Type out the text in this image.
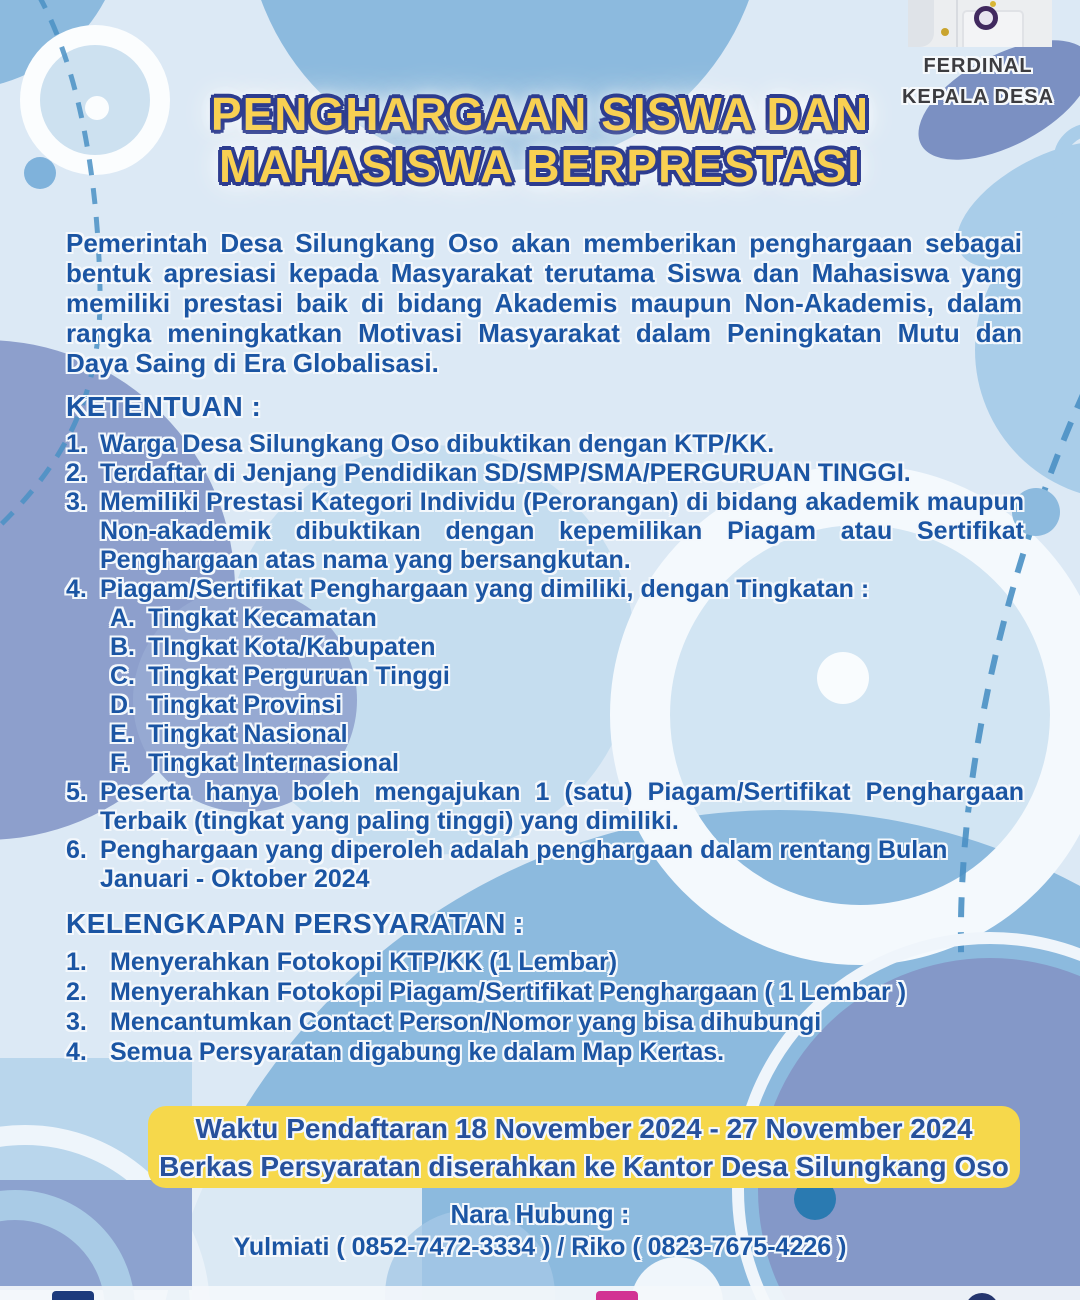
FERDINAL
KEPALA DESA
PENGHARGAAN SISWA DAN
MAHASISWA BERPRESTASI

Pemerintah Desa Silungkang Oso akan memberikan penghargaan sebagai bentuk apresiasi kepada Masyarakat terutama Siswa dan Mahasiswa yang memiliki prestasi baik di bidang Akademis maupun Non-Akademis, dalam rangka meningkatkan Motivasi Masyarakat dalam Peningkatan Mutu dan Daya Saing di Era Globalisasi.

KETENTUAN :
1. Warga Desa Silungkang Oso dibuktikan dengan KTP/KK.
2. Terdaftar di Jenjang Pendidikan SD/SMP/SMA/PERGURUAN TINGGI.
3. Memiliki Prestasi Kategori Individu (Perorangan) di bidang akademik maupun Non-akademik dibuktikan dengan kepemilikan Piagam atau Sertifikat Penghargaan atas nama yang bersangkutan.
4. Piagam/Sertifikat Penghargaan yang dimiliki, dengan Tingkatan :
A. Tingkat Kecamatan
B. TIngkat Kota/Kabupaten
C. Tingkat Perguruan Tinggi
D. Tingkat Provinsi
E. Tingkat Nasional
F. Tingkat Internasional
5. Peserta hanya boleh mengajukan 1 (satu) Piagam/Sertifikat Penghargaan Terbaik (tingkat yang paling tinggi) yang dimiliki.
6. Penghargaan yang diperoleh adalah penghargaan dalam rentang Bulan Januari - Oktober 2024
KELENGKAPAN PERSYARATAN :
1. Menyerahkan Fotokopi KTP/KK (1 Lembar)
2. Menyerahkan Fotokopi Piagam/Sertifikat Penghargaan ( 1 Lembar )
3. Mencantumkan Contact Person/Nomor yang bisa dihubungi
4. Semua Persyaratan digabung ke dalam Map Kertas.
Waktu Pendaftaran 18 November 2024 - 27 November 2024
Berkas Persyaratan diserahkan ke Kantor Desa Silungkang Oso
Nara Hubung :
Yulmiati ( 0852-7472-3334 ) / Riko ( 0823-7675-4226 )
